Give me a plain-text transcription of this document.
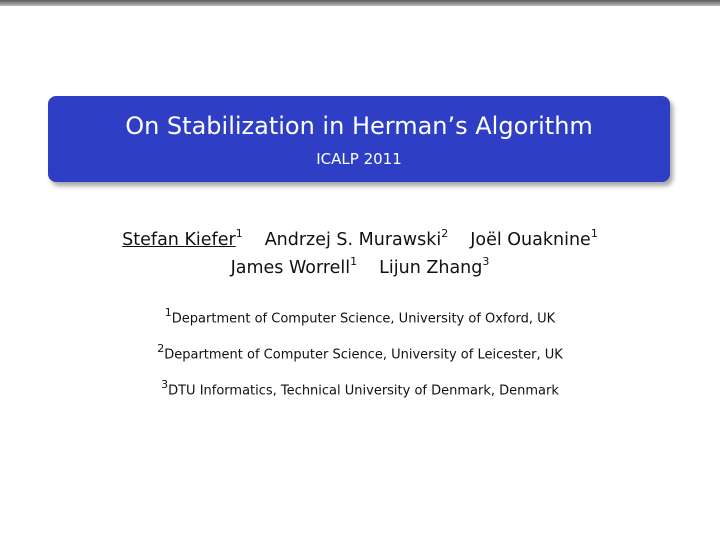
On Stabilization in Herman’s Algorithm
ICALP 2011
Stefan Kiefer$^1$ Andrzej S. Murawski$^2$ Joël Ouaknine$^1$
James Worrell$^1$ Lijun Zhang$^3$
$^1$Department of Computer Science, University of Oxford, UK
$^2$Department of Computer Science, University of Leicester, UK
$^3$DTU Informatics, Technical University of Denmark, Denmark
